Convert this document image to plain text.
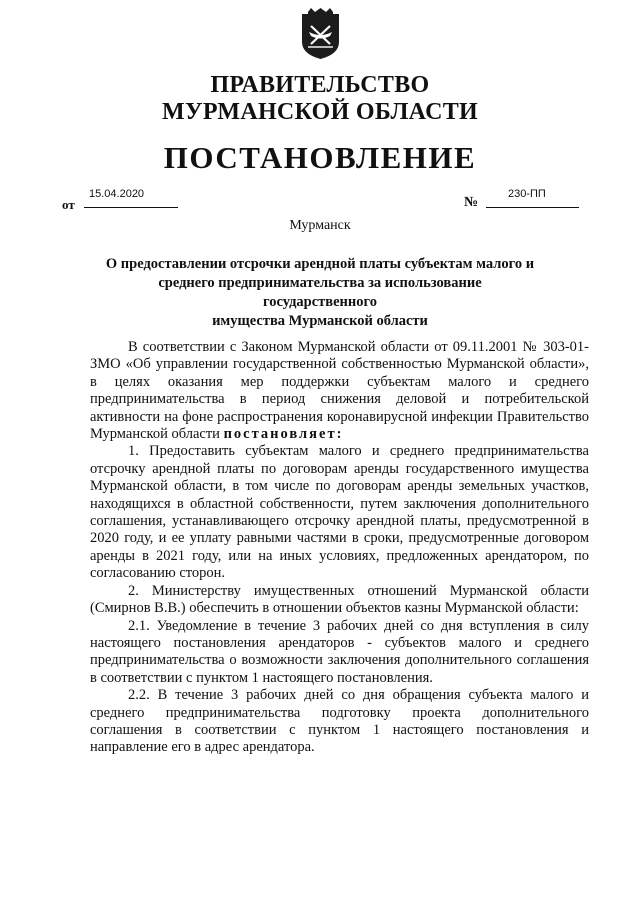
ПРАВИТЕЛЬСТВО
МУРМАНСКОЙ ОБЛАСТИ
ПОСТАНОВЛЕНИЕ
от
15.04.2020
№
230-ПП
Мурманск
О предоставлении отсрочки арендной платы субъектам малого и
среднего предпринимательства за использование государственного
имущества Мурманской области

В соответствии с Законом Мурманской области от 09.11.2001 № 303-01-ЗМО «Об управлении государственной собственностью Мурманской области», в целях оказания мер поддержки субъектам малого и среднего предпринимательства в период снижения деловой и потребительской активности на фоне распространения коронавирусной инфекции Правительство Мурманской области постановляет:

1. Предоставить субъектам малого и среднего предпринимательства отсрочку арендной платы по договорам аренды государственного имущества Мурманской области, в том числе по договорам аренды земельных участков, находящихся в областной собственности, путем заключения дополнительного соглашения, устанавливающего отсрочку арендной платы, предусмотренной в 2020 году, и ее уплату равными частями в сроки, предусмотренные договором аренды в 2021 году, или на иных условиях, предложенных арендатором, по согласованию сторон.

2. Министерству имущественных отношений Мурманской области (Смирнов В.В.) обеспечить в отношении объектов казны Мурманской области:

2.1. Уведомление в течение 3 рабочих дней со дня вступления в силу настоящего постановления арендаторов - субъектов малого и среднего предпринимательства о возможности заключения дополнительного соглашения в соответствии с пунктом 1 настоящего постановления.

2.2. В течение 3 рабочих дней со дня обращения субъекта малого и среднего предпринимательства подготовку проекта дополнительного соглашения в соответствии с пунктом 1 настоящего постановления и направление его в адрес арендатора.
